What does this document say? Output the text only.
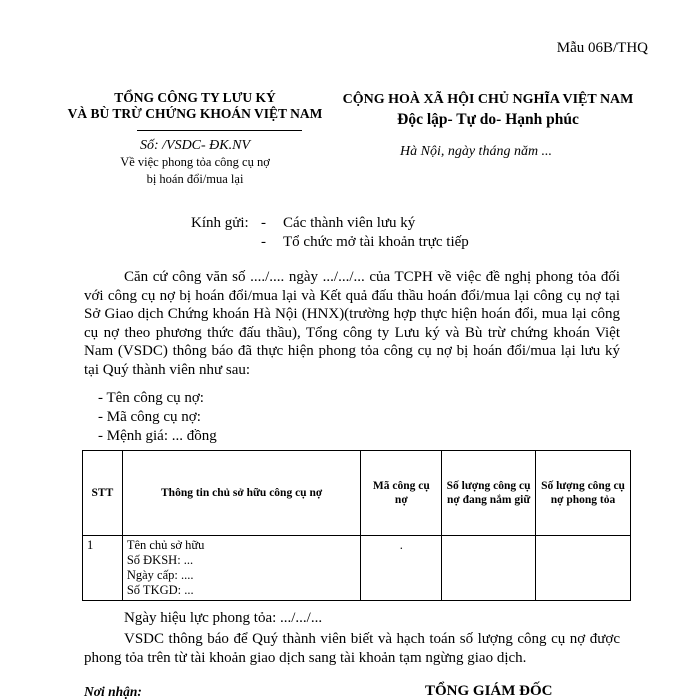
Mẫu 06B/THQ
TỔNG CÔNG TY LƯU KÝ
VÀ BÙ TRỪ CHỨNG KHOÁN VIỆT NAM
CỘNG HOÀ XÃ HỘI CHỦ NGHĨA VIỆT NAM
Độc lập- Tự do- Hạnh phúc
Số: /VSDC- ĐK.NV
Về việc phong tỏa công cụ nợ
bị hoán đổi/mua lại
Hà Nội, ngày tháng năm ...
Kính gửi: -	Các thành viên lưu ký
-	Tổ chức mở tài khoản trực tiếp

Căn cứ công văn số ..../.... ngày .../.../... của TCPH về việc đề nghị phong tỏa đối với công cụ nợ bị hoán đổi/mua lại và Kết quả đấu thầu hoán đổi/mua lại công cụ nợ tại Sở Giao dịch Chứng khoán Hà Nội (HNX)(trường hợp thực hiện hoán đổi, mua lại công cụ nợ theo phương thức đấu thầu), Tổng công ty Lưu ký và Bù trừ chứng khoán Việt Nam (VSDC) thông báo đã thực hiện phong tỏa công cụ nợ bị hoán đổi/mua lại lưu ký tại Quý thành viên như sau:

- Tên công cụ nợ:
- Mã công cụ nợ:
- Mệnh giá: ... đồng
STT	Thông tin chủ sở hữu công cụ nợ	Mã công cụ nợ	Số lượng công cụ nợ đang nắm giữ	Số lượng công cụ nợ phong tỏa
1	Tên chủ sở hữu
Số ĐKSH: ...
Ngày cấp: ....
Số TKGD: ...	.		
Ngày hiệu lực phong tỏa: .../.../...

VSDC thông báo để Quý thành viên biết và hạch toán số lượng công cụ nợ được phong tỏa trên từ tài khoản giao dịch sang tài khoản tạm ngừng giao dịch.

Nơi nhận:	TỔNG GIÁM ĐỐC
